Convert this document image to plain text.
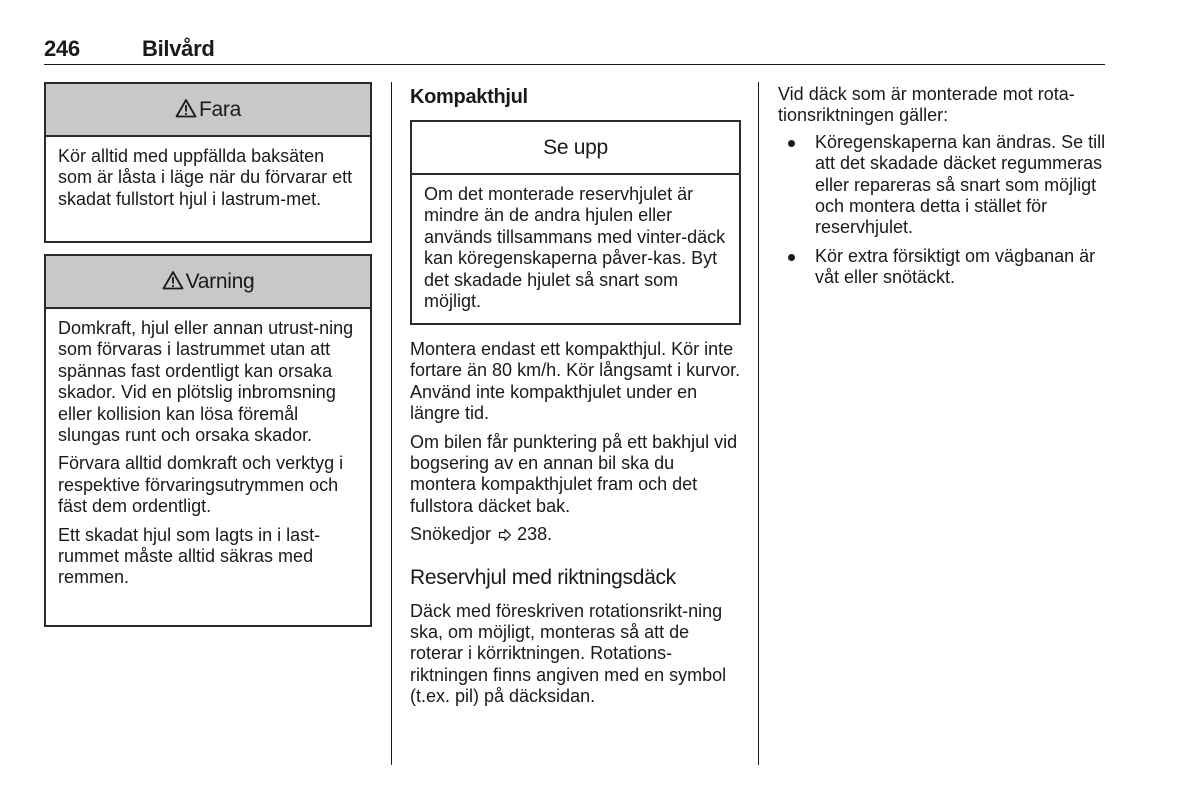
246	Bilvård
Fara

Kör alltid med uppfällda baksäten som är låsta i läge när du förvarar ett skadat fullstort hjul i lastrum-met.

Varning

Domkraft, hjul eller annan utrust-ning som förvaras i lastrummet utan att spännas fast ordentligt kan orsaka skador. Vid en plötslig inbromsning eller kollision kan lösa föremål slungas runt och orsaka skador.

Förvara alltid domkraft och verktyg i respektive förvaringsutrymmen och fäst dem ordentligt.

Ett skadat hjul som lagts in i last-rummet måste alltid säkras med remmen.

Kompakthjul
Se upp

Om det monterade reservhjulet är mindre än de andra hjulen eller används tillsammans med vinter-däck kan köregenskaperna påver-kas. Byt det skadade hjulet så snart som möjligt.

Montera endast ett kompakthjul. Kör inte fortare än 80 km/h. Kör långsamt i kurvor. Använd inte kompakthjulet under en längre tid.

Om bilen får punktering på ett bakhjul vid bogsering av en annan bil ska du montera kompakthjulet fram och det fullstora däcket bak.

Snökedjor 238.

Reservhjul med riktningsdäck

Däck med föreskriven rotationsrikt-ning ska, om möjligt, monteras så att de roterar i körriktningen. Rotations-riktningen finns angiven med en symbol (t.ex. pil) på däcksidan.

Vid däck som är monterade mot rota-tionsriktningen gäller:

Köregenskaperna kan ändras. Se till att det skadade däcket regummeras eller repareras så snart som möjligt och montera detta i stället för reservhjulet.
Kör extra försiktigt om vägbanan är våt eller snötäckt.
